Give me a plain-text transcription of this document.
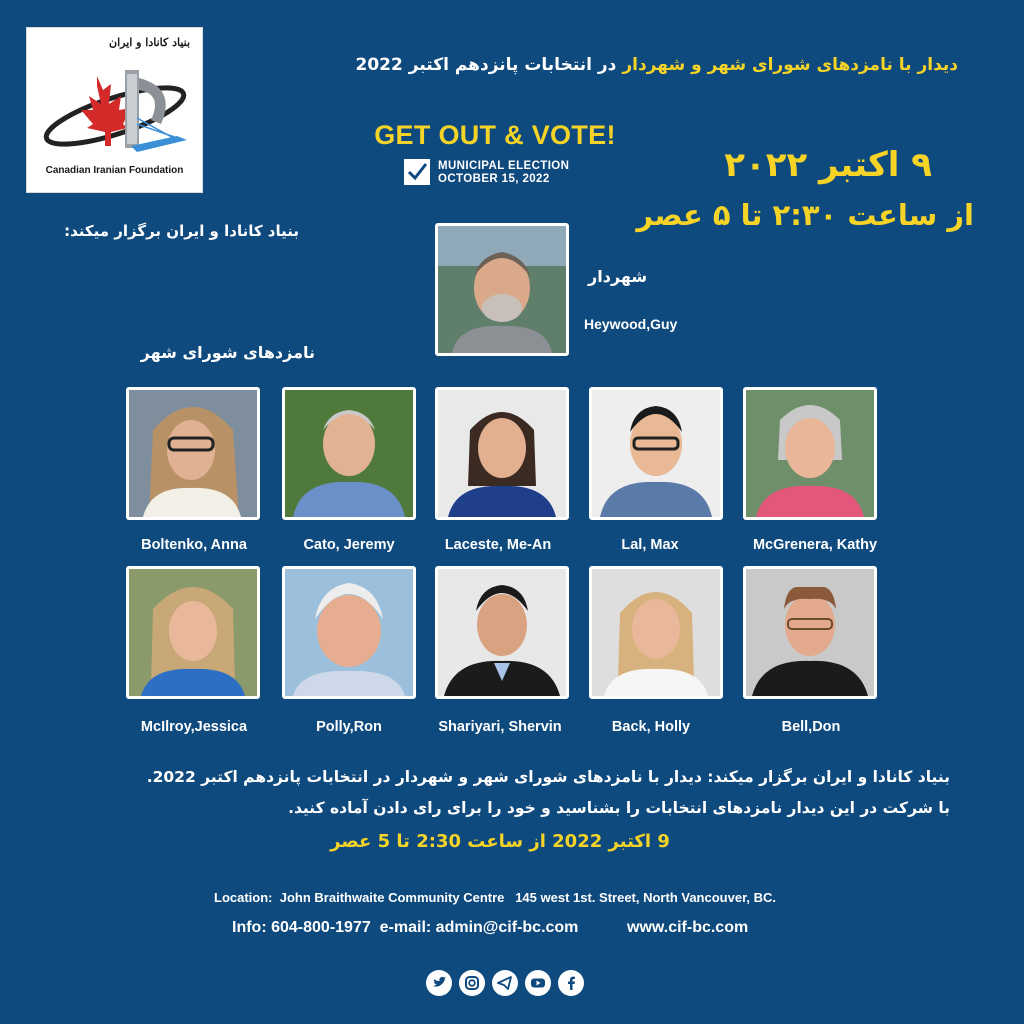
بنیاد کانادا و ایران
Canadian Iranian Foundation
دیدار با نامزدهای شورای شهر و شهردار در انتخابات پانزدهم اکتبر 2022
GET OUT & VOTE!
MUNICIPAL ELECTION
OCTOBER 15, 2022	۹ اکتبر ۲۰۲۲
از ساعت ۲:۳۰ تا ۵ عصر
بنیاد کانادا و ایران برگزار میکند:
شهردار
Heywood,Guy
نامزدهای شورای شهر
Boltenko, Anna	Cato, Jeremy	Laceste, Me-An	Lal, Max	McGrenera, Kathy
McIlroy,Jessica	Polly,Ron	Shariyari, Shervin	Back, Holly	Bell,Don
بنیاد کانادا و ایران برگزار میکند: دیدار با نامزدهای شورای شهر و شهردار در انتخابات پانزدهم اکتبر 2022.
با شرکت در این دیدار نامزدهای انتخابات را بشناسید و خود را برای رای دادن آماده کنید.
9 اکتبر 2022 از ساعت 2:30 تا 5 عصر
Location: John Braithwaite Community Centre   145 west 1st. Street, North Vancouver, BC.
Info: 604-800-1977 e-mail: admin@cif-bc.com	www.cif-bc.com
